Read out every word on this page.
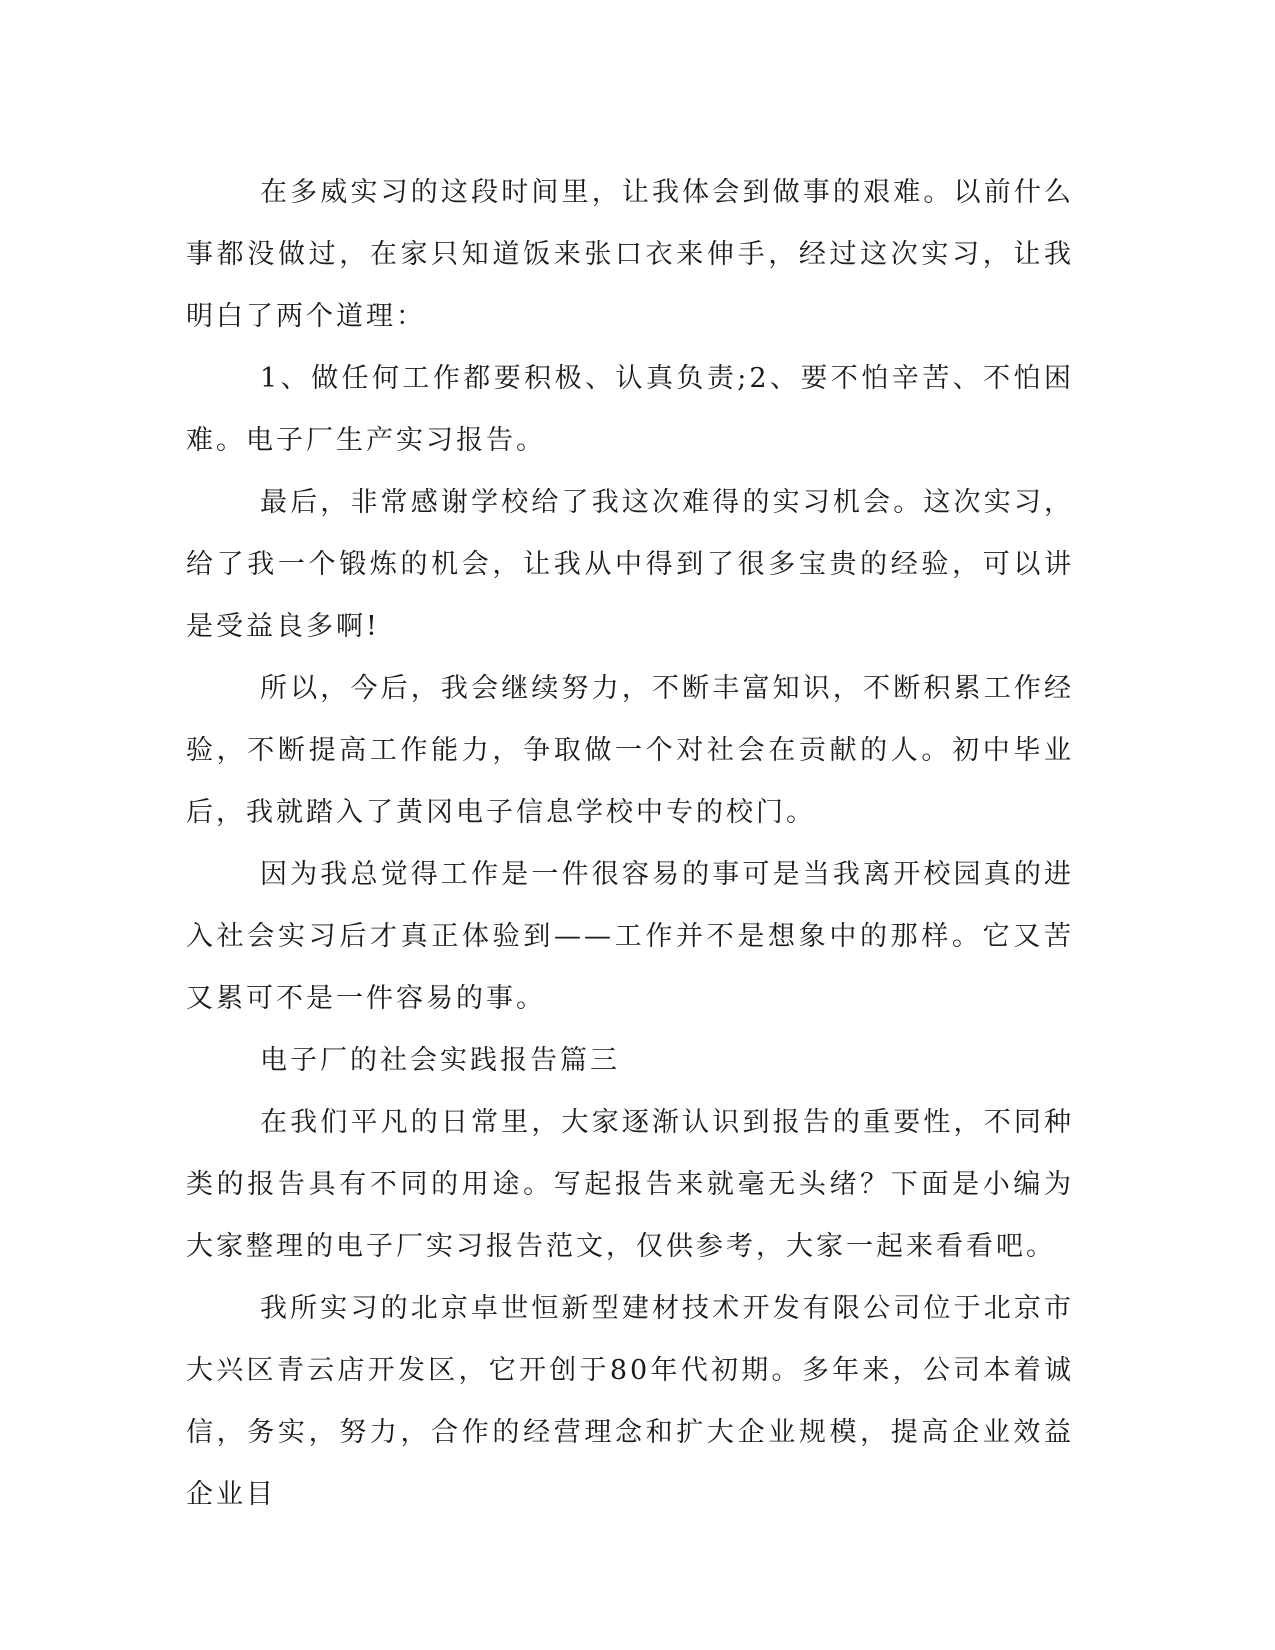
在多威实习的这段时间里，让我体会到做事的艰难。以前什么事都没做过，在家只知道饭来张口衣来伸手，经过这次实习，让我明白了两个道理：

1、做任何工作都要积极、认真负责;2、要不怕辛苦、不怕困难。电子厂生产实习报告。

最后，非常感谢学校给了我这次难得的实习机会。这次实习，给了我一个锻炼的机会，让我从中得到了很多宝贵的经验，可以讲是受益良多啊!

所以，今后，我会继续努力，不断丰富知识，不断积累工作经验，不断提高工作能力，争取做一个对社会在贡献的人。初中毕业后，我就踏入了黄冈电子信息学校中专的校门。

因为我总觉得工作是一件很容易的事可是当我离开校园真的进入社会实习后才真正体验到——工作并不是想象中的那样。它又苦又累可不是一件容易的事。

电子厂的社会实践报告篇三

在我们平凡的日常里，大家逐渐认识到报告的重要性，不同种类的报告具有不同的用途。写起报告来就毫无头绪？下面是小编为大家整理的电子厂实习报告范文，仅供参考，大家一起来看看吧。

我所实习的北京卓世恒新型建材技术开发有限公司位于北京市大兴区青云店开发区，它开创于80年代初期。多年来，公司本着诚信，务实，努力，合作的经营理念和扩大企业规模，提高企业效益企业目
